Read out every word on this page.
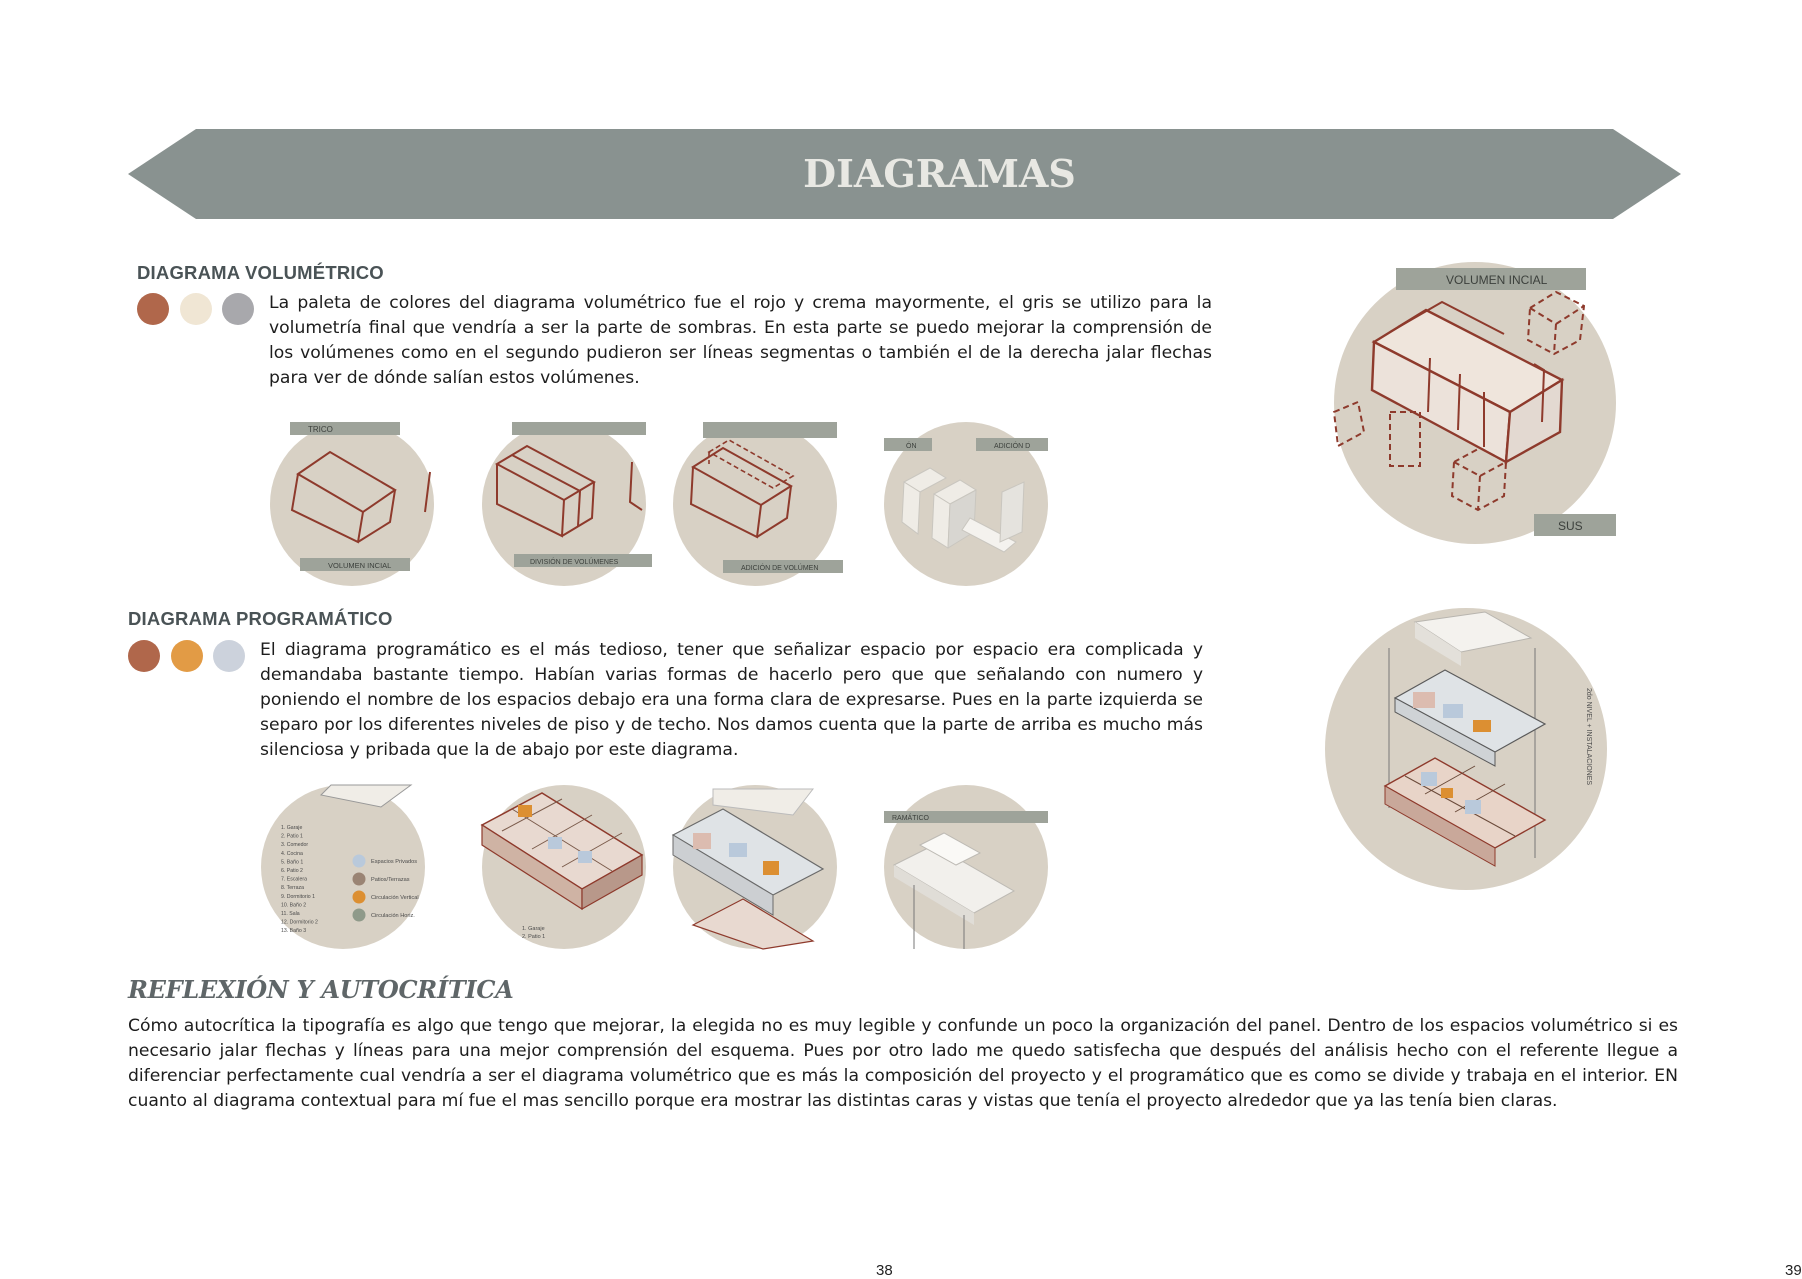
DIAGRAMAS
DIAGRAMA VOLUMÉTRICO

La paleta de colores del diagrama volumétrico fue el rojo y crema mayormente, el gris se utilizo para la volumetría final que vendría a ser la parte de sombras. En esta parte se puedo mejorar la comprensión de los volúmenes como en el segundo pudieron ser líneas segmentas o también el de la derecha jalar flechas para ver de dónde salían estos volúmenes.

TRICO
VOLUMEN INCIAL	DIVISIÓN DE VOLÚMENES
ADICIÓN DE VOLÚMEN
ÓN	ADICIÓN D
VOLUMEN INCIAL
SUS
DIAGRAMA PROGRAMÁTICO

El diagrama programático es el más tedioso, tener que señalizar espacio por espacio era complicada y demandaba bastante tiempo. Habían varias formas de hacerlo pero que que señalando con numero y poniendo el nombre de los espacios debajo era una forma clara de expresarse. Pues en la parte izquierda se separo por los diferentes niveles de piso y de techo. Nos damos cuenta que la parte de arriba es mucho más silenciosa y pribada que la de abajo por este diagrama.

1. Garaje
2. Patio 1
3. Comedor
4. Cocina
5. Baño 1
6. Patio 2
7. Escalera
8. Terraza
9. Dormitorio 1
10. Baño 2
11. Sala
12. Dormitorio 2
13. Baño 3
Espacios Privados
Patios/Terrazas
Circulación Vertical
Circulación Horiz.
1. Garaje
2. Patio 1
RAMÁTICO
2do NIVEL + INSTALACIONES
REFLEXIÓN Y AUTOCRÍTICA

Cómo autocrítica la tipografía es algo que tengo que mejorar, la elegida no es muy legible y confunde un poco la organización del panel. Dentro de los espacios volumétrico si es necesario jalar flechas y líneas para una mejor comprensión del esquema. Pues por otro lado me quedo satisfecha que después del análisis hecho con el referente llegue a diferenciar perfectamente cual vendría a ser el diagrama volumétrico que es más la composición del proyecto y el programático que es como se divide y trabaja en el interior. EN cuanto al diagrama contextual para mí fue el mas sencillo porque era mostrar las distintas caras y vistas que tenía el proyecto alrededor que ya las tenía bien claras.

38	39
